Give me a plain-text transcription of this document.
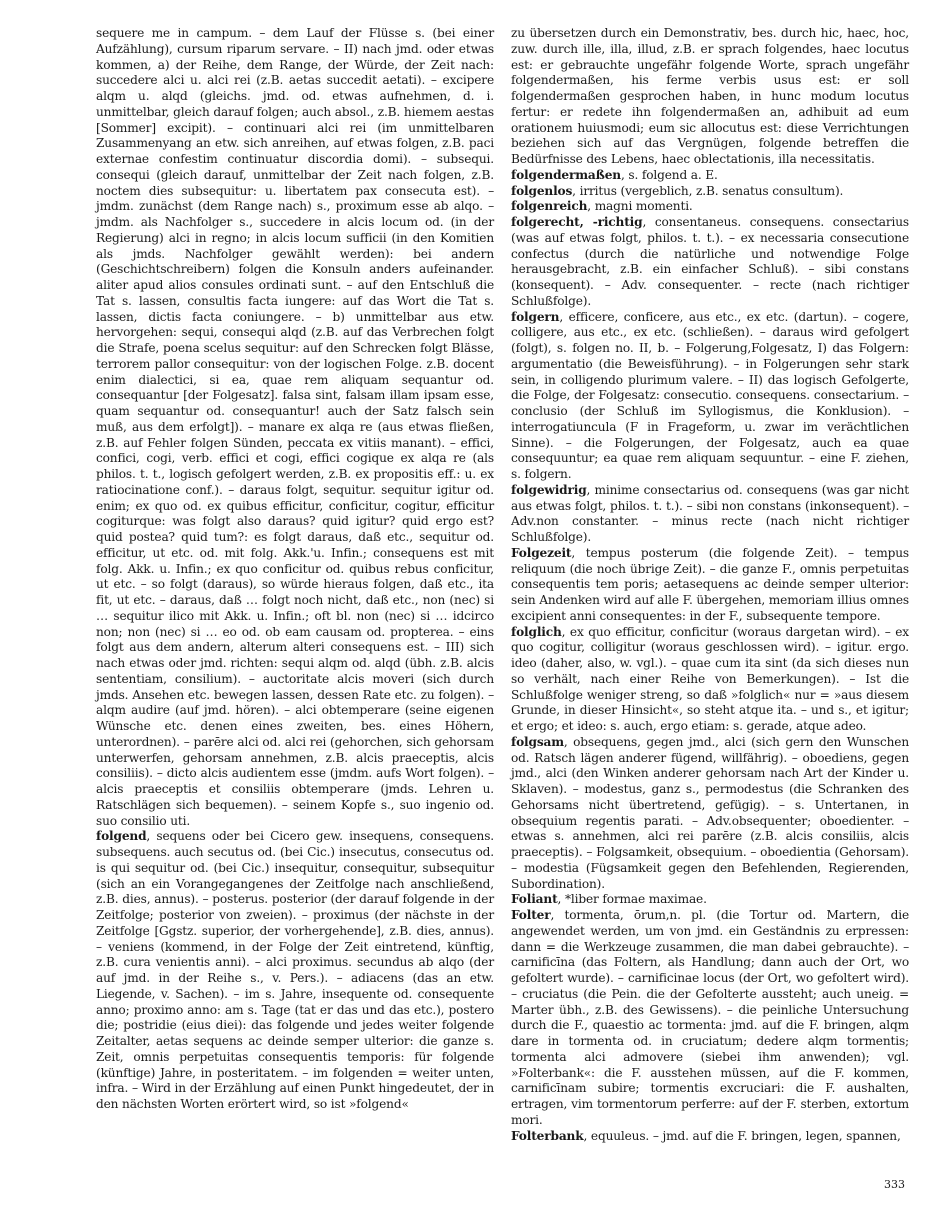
sequere me in campum. – dem Lauf der Flüsse s. (bei einer Aufzählung), cursum riparum servare. – II) nach jmd. oder etwas kommen, a) der Reihe, dem Range, der Würde, der Zeit nach: succedere alci u. alci rei (z.B. aetas succedit aetati). – excipere alqm u. alqd (gleichs. jmd. od. etwas aufnehmen, d. i. unmittelbar, gleich darauf folgen; auch absol., z.B. hiemem aestas [Sommer] excipit). – continuari alci rei (im unmittelbaren Zusammenyang an etw. sich anreihen, auf etwas folgen, z.B. paci externae confestim continuatur discordia domi). – subsequi. consequi (gleich darauf, unmittelbar der Zeit nach folgen, z.B. noctem dies subsequitur: u. libertatem pax consecuta est). – jmdm. zunächst (dem Range nach) s., proximum esse ab alqo. – jmdm. als Nachfolger s., succedere in alcis locum od. (in der Regierung) alci in regno; in alcis locum sufficii (in den Komitien als jmds. Nachfolger gewählt werden): bei andern (Geschichtschreibern) folgen die Konsuln anders aufeinander. aliter apud alios consules ordinati sunt. – auf den Entschluß die Tat s. lassen, consultis facta iungere: auf das Wort die Tat s. lassen, dictis facta coniungere. – b) unmittelbar aus etw. hervorgehen: sequi, consequi alqd (z.B. auf das Verbrechen folgt die Strafe, poena scelus sequitur: auf den Schrecken folgt Blässe, terrorem pallor consequitur: von der logischen Folge. z.B. docent enim dialectici, si ea, quae rem aliquam sequantur od. consequantur [der Folgesatz]. falsa sint, falsam illam ipsam esse, quam sequantur od. consequantur! auch der Satz falsch sein muß, aus dem erfolgt]). – manare ex alqa re (aus etwas fließen, z.B. auf Fehler folgen Sünden, peccata ex vitiis manant). – effici, confici, cogi, verb. effici et cogi, effici cogique ex alqa re (als philos. t. t., logisch gefolgert werden, z.B. ex propositis eff.: u. ex ratiocinatione conf.). – daraus folgt, sequitur. sequitur igitur od. enim; ex quo od. ex quibus efficitur, conficitur, cogitur, efficitur cogiturque: was folgt also daraus? quid igitur? quid ergo est? quid postea? quid tum?: es folgt daraus, daß etc., sequitur od. efficitur, ut etc. od. mit folg. Akk.'u. Infin.; consequens est mit folg. Akk. u. Infin.; ex quo conficitur od. quibus rebus conficitur, ut etc. – so folgt (daraus), so würde hieraus folgen, daß etc., ita fit, ut etc. – daraus, daß … folgt noch nicht, daß etc., non (nec) si … sequitur ilico mit Akk. u. Infin.; oft bl. non (nec) si … idcirco non; non (nec) si … eo od. ob eam causam od. propterea. – eins folgt aus dem andern, alterum alteri consequens est. – III) sich nach etwas oder jmd. richten: sequi alqm od. alqd (übh. z.B. alcis sententiam, consilium). – auctoritate alcis moveri (sich durch jmds. Ansehen etc. bewegen lassen, dessen Rate etc. zu folgen). – alqm audire (auf jmd. hören). – alci obtemperare (seine eigenen Wünsche etc. denen eines zweiten, bes. eines Höhern, unterordnen). – parēre alci od. alci rei (gehorchen, sich gehorsam unterwerfen, gehorsam annehmen, z.B. alcis praeceptis, alcis consiliis). – dicto alcis audientem esse (jmdm. aufs Wort folgen). – alcis praeceptis et consiliis obtemperare (jmds. Lehren u. Ratschlägen sich bequemen). – seinem Kopfe s., suo ingenio od. suo consilio uti.

folgend, sequens oder bei Cicero gew. insequens, consequens. subsequens. auch secutus od. (bei Cic.) insecutus, consecutus od. is qui sequitur od. (bei Cic.) insequitur, consequitur, subsequitur (sich an ein Vorangegangenes der Zeitfolge nach anschließend, z.B. dies, annus). – posterus. posterior (der darauf folgende in der Zeitfolge; posterior von zweien). – proximus (der nächste in der Zeitfolge [Ggstz. superior, der vorhergehende], z.B. dies, annus). – veniens (kommend, in der Folge der Zeit eintretend, künftig, z.B. cura venientis anni). – alci proximus. secundus ab alqo (der auf jmd. in der Reihe s., v. Pers.). – adiacens (das an etw. Liegende, v. Sachen). – im s. Jahre, insequente od. consequente anno; proximo anno: am s. Tage (tat er das und das etc.), postero die; postridie (eius diei): das folgende und jedes weiter folgende Zeitalter, aetas sequens ac deinde semper ulterior: die ganze s. Zeit, omnis perpetuitas consequentis temporis: für folgende (künftige) Jahre, in posteritatem. – im folgenden = weiter unten, infra. – Wird in der Erzählung auf einen Punkt hingedeutet, der in den nächsten Worten erörtert wird, so ist »folgend«

zu übersetzen durch ein Demonstrativ, bes. durch hic, haec, hoc, zuw. durch ille, illa, illud, z.B. er sprach folgendes, haec locutus est: er gebrauchte ungefähr folgende Worte, sprach ungefähr folgendermaßen, his ferme verbis usus est: er soll folgendermaßen gesprochen haben, in hunc modum locutus fertur: er redete ihn folgendermaßen an, adhibuit ad eum orationem huiusmodi; eum sic allocutus est: diese Verrichtungen beziehen sich auf das Vergnügen, folgende betreffen die Bedürfnisse des Lebens, haec oblectationis, illa necessitatis.

folgendermaßen, s. folgend a. E.

folgenlos, irritus (vergeblich, z.B. senatus consultum).

folgenreich, magni momenti.

folgerecht, -richtig, consentaneus. consequens. consectarius (was auf etwas folgt, philos. t. t.). – ex necessaria consecutione confectus (durch die natürliche und notwendige Folge herausgebracht, z.B. ein einfacher Schluß). – sibi constans (konsequent). – Adv. consequenter. – recte (nach richtiger Schlußfolge).

folgern, efficere, conficere, aus etc., ex etc. (dartun). – cogere, colligere, aus etc., ex etc. (schließen). – daraus wird gefolgert (folgt), s. folgen no. II, b. – Folgerung,Folgesatz, I) das Folgern: argumentatio (die Beweisführung). – in Folgerungen sehr stark sein, in colligendo plurimum valere. – II) das logisch Gefolgerte, die Folge, der Folgesatz: consecutio. consequens. consectarium. – conclusio (der Schluß im Syllogismus, die Konklusion). – interrogatiuncula (F in Frageform, u. zwar im verächtlichen Sinne). – die Folgerungen, der Folgesatz, auch ea quae consequuntur; ea quae rem aliquam sequuntur. – eine F. ziehen, s. folgern.

folgewidrig, minime consectarius od. consequens (was gar nicht aus etwas folgt, philos. t. t.). – sibi non constans (inkonsequent). – Adv.non constanter. – minus recte (nach nicht richtiger Schlußfolge).

Folgezeit, tempus posterum (die folgende Zeit). – tempus reliquum (die noch übrige Zeit). – die ganze F., omnis perpetuitas consequentis tem poris; aetasequens ac deinde semper ulterior: sein Andenken wird auf alle F. übergehen, memoriam illius omnes excipient anni consequentes: in der F., subsequente tempore.

folglich, ex quo efficitur, conficitur (woraus dargetan wird). – ex quo cogitur, colligitur (woraus geschlossen wird). – igitur. ergo. ideo (daher, also, w. vgl.). – quae cum ita sint (da sich dieses nun so verhält, nach einer Reihe von Bemerkungen). – Ist die Schlußfolge weniger streng, so daß »folglich« nur = »aus diesem Grunde, in dieser Hinsicht«, so steht atque ita. – und s., et igitur; et ergo; et ideo: s. auch, ergo etiam: s. gerade, atque adeo.

folgsam, obsequens, gegen jmd., alci (sich gern den Wunschen od. Ratsch lägen anderer fügend, willfährig). – oboediens, gegen jmd., alci (den Winken anderer gehorsam nach Art der Kinder u. Sklaven). – modestus, ganz s., permodestus (die Schranken des Gehorsams nicht übertretend, gefügig). – s. Untertanen, in obsequium regentis parati. – Adv.obsequenter; oboedienter. – etwas s. annehmen, alci rei parēre (z.B. alcis consiliis, alcis praeceptis). – Folgsamkeit, obsequium. – oboedientia (Gehorsam). – modestia (Fügsamkeit gegen den Befehlenden, Regierenden, Subordination).

Foliant, *liber formae maximae.

Folter, tormenta, ōrum,n. pl. (die Tortur od. Martern, die angewendet werden, um von jmd. ein Geständnis zu erpressen: dann = die Werkzeuge zusammen, die man dabei gebrauchte). – carnificīna (das Foltern, als Handlung; dann auch der Ort, wo gefoltert wurde). – carnificinae locus (der Ort, wo gefoltert wird). – cruciatus (die Pein. die der Gefolterte aussteht; auch uneig. = Marter übh., z.B. des Gewissens). – die peinliche Untersuchung durch die F., quaestio ac tormenta: jmd. auf die F. bringen, alqm dare in tormenta od. in cruciatum; dedere alqm tormentis; tormenta alci admovere (siebei ihm anwenden); vgl. »Folterbank«: die F. ausstehen müssen, auf die F. kommen, carnificīnam subire; tormentis excruciari: die F. aushalten, ertragen, vim tormentorum perferre: auf der F. sterben, extortum mori.

Folterbank, equuleus. – jmd. auf die F. bringen, legen, spannen,

333
